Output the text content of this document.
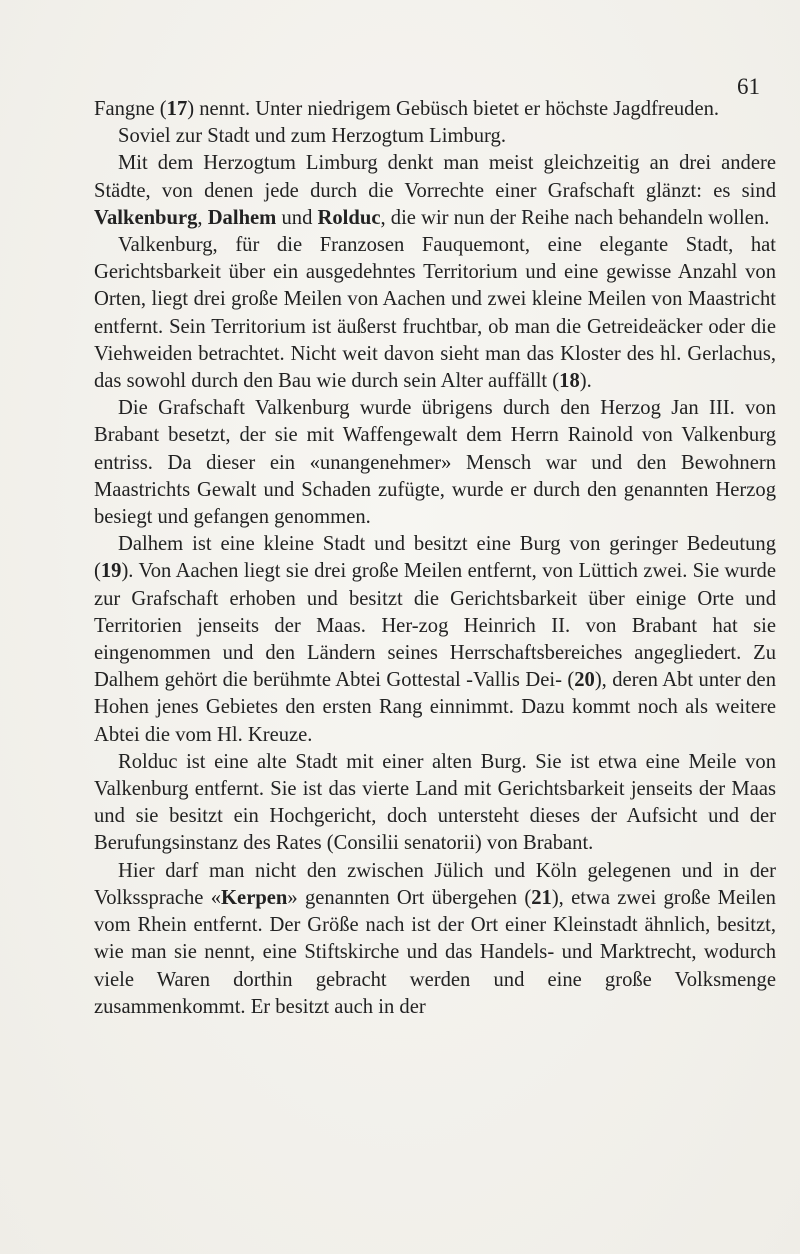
61

Fangne (17) nennt. Unter niedrigem Gebüsch bietet er höchste Jagdfreuden.

Soviel zur Stadt und zum Herzogtum Limburg.

Mit dem Herzogtum Limburg denkt man meist gleichzeitig an drei andere Städte, von denen jede durch die Vorrechte einer Grafschaft glänzt: es sind Valkenburg, Dalhem und Rolduc, die wir nun der Reihe nach behandeln wollen.

Valkenburg, für die Franzosen Fauquemont, eine elegante Stadt, hat Gerichtsbarkeit über ein ausgedehntes Territorium und eine gewisse Anzahl von Orten, liegt drei große Meilen von Aachen und zwei kleine Meilen von Maastricht entfernt. Sein Territorium ist äußerst fruchtbar, ob man die Getreideäcker oder die Viehweiden betrachtet. Nicht weit davon sieht man das Kloster des hl. Gerlachus, das sowohl durch den Bau wie durch sein Alter auffällt (18).

Die Grafschaft Valkenburg wurde übrigens durch den Herzog Jan III. von Brabant besetzt, der sie mit Waffengewalt dem Herrn Rainold von Valkenburg entriss. Da dieser ein «unangenehmer» Mensch war und den Bewohnern Maastrichts Gewalt und Schaden zufügte, wurde er durch den genannten Herzog besiegt und gefangen genommen.

Dalhem ist eine kleine Stadt und besitzt eine Burg von geringer Bedeutung (19). Von Aachen liegt sie drei große Meilen entfernt, von Lüttich zwei. Sie wurde zur Grafschaft erhoben und besitzt die Gerichtsbarkeit über einige Orte und Territorien jenseits der Maas. Her-zog Heinrich II. von Brabant hat sie eingenommen und den Ländern seines Herrschaftsbereiches angegliedert. Zu Dalhem gehört die berühmte Abtei Gottestal -Vallis Dei- (20), deren Abt unter den Hohen jenes Gebietes den ersten Rang einnimmt. Dazu kommt noch als weitere Abtei die vom Hl. Kreuze.

Rolduc ist eine alte Stadt mit einer alten Burg. Sie ist etwa eine Meile von Valkenburg entfernt. Sie ist das vierte Land mit Gerichtsbarkeit jenseits der Maas und sie besitzt ein Hochgericht, doch untersteht dieses der Aufsicht und der Berufungsinstanz des Rates (Consilii senatorii) von Brabant.

Hier darf man nicht den zwischen Jülich und Köln gelegenen und in der Volkssprache «Kerpen» genannten Ort übergehen (21), etwa zwei große Meilen vom Rhein entfernt. Der Größe nach ist der Ort einer Kleinstadt ähnlich, besitzt, wie man sie nennt, eine Stiftskirche und das Handels- und Marktrecht, wodurch viele Waren dorthin gebracht werden und eine große Volksmenge zusammenkommt. Er besitzt auch in der
